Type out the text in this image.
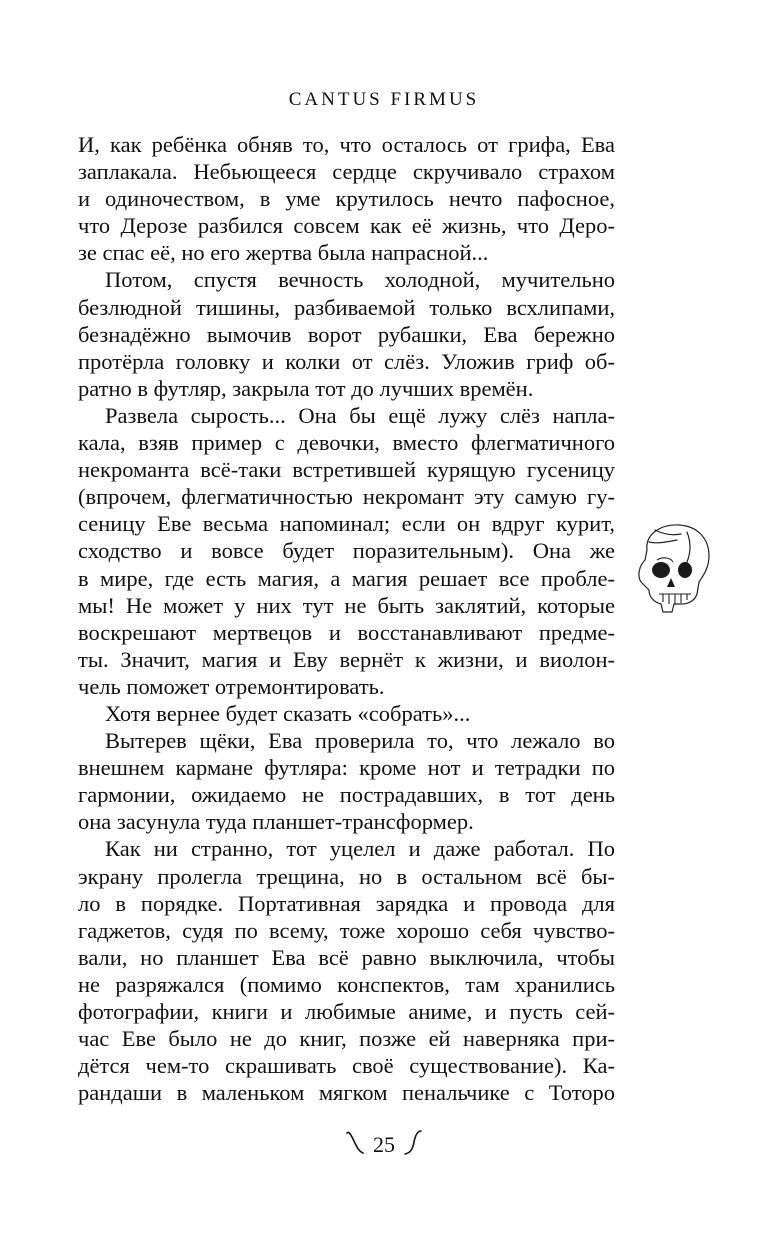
CANTUS FIRMUS
И, как ребёнка обняв то, что осталось от грифа, Ева
заплакала. Небьющееся сердце скручивало страхом
и одиночеством, в уме крутилось нечто пафосное,
что Дерозе разбился совсем как её жизнь, что Деро-
зе спас её, но его жертва была напрасной...
Потом, спустя вечность холодной, мучительно
безлюдной тишины, разбиваемой только всхлипами,
безнадёжно вымочив ворот рубашки, Ева бережно
протёрла головку и колки от слёз. Уложив гриф об-
ратно в футляр, закрыла тот до лучших времён.
Развела сырость... Она бы ещё лужу слёз напла-
кала, взяв пример с девочки, вместо флегматичного
некроманта всё-таки встретившей курящую гусеницу
(впрочем, флегматичностью некромант эту самую гу-
сеницу Еве весьма напоминал; если он вдруг курит,
сходство и вовсе будет поразительным). Она же
в мире, где есть магия, а магия решает все пробле-
мы! Не может у них тут не быть заклятий, которые
воскрешают мертвецов и восстанавливают предме-
ты. Значит, магия и Еву вернёт к жизни, и виолон-
чель поможет отремонтировать.
Хотя вернее будет сказать «собрать»...
Вытерев щёки, Ева проверила то, что лежало во
внешнем кармане футляра: кроме нот и тетрадки по
гармонии, ожидаемо не пострадавших, в тот день
она засунула туда планшет-трансформер.
Как ни странно, тот уцелел и даже работал. По
экрану пролегла трещина, но в остальном всё бы-
ло в порядке. Портативная зарядка и провода для
гаджетов, судя по всему, тоже хорошо себя чувство-
вали, но планшет Ева всё равно выключила, чтобы
не разряжался (помимо конспектов, там хранились
фотографии, книги и любимые аниме, и пусть сей-
час Еве было не до книг, позже ей наверняка при-
дётся чем-то скрашивать своё существование). Ка-
рандаши в маленьком мягком пенальчике с Тоторо
25
